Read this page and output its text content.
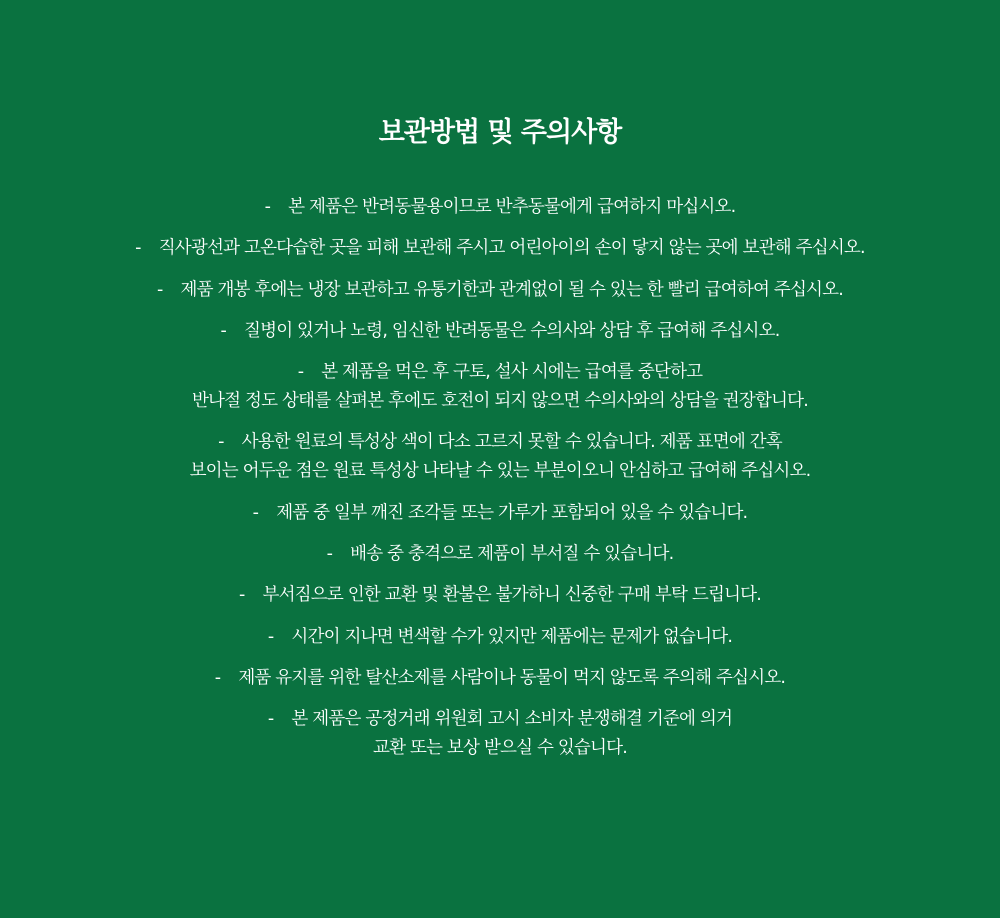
보관방법 및 주의사항
- 본 제품은 반려동물용이므로 반추동물에게 급여하지 마십시오.
- 직사광선과 고온다습한 곳을 피해 보관해 주시고 어린아이의 손이 닿지 않는 곳에 보관해 주십시오.
- 제품 개봉 후에는 냉장 보관하고 유통기한과 관계없이 될 수 있는 한 빨리 급여하여 주십시오.
- 질병이 있거나 노령, 임신한 반려동물은 수의사와 상담 후 급여해 주십시오.
- 본 제품을 먹은 후 구토, 설사 시에는 급여를 중단하고
반나절 정도 상태를 살펴본 후에도 호전이 되지 않으면 수의사와의 상담을 권장합니다.
- 사용한 원료의 특성상 색이 다소 고르지 못할 수 있습니다. 제품 표면에 간혹
보이는 어두운 점은 원료 특성상 나타날 수 있는 부분이오니 안심하고 급여해 주십시오.
- 제품 중 일부 깨진 조각들 또는 가루가 포함되어 있을 수 있습니다.
- 배송 중 충격으로 제품이 부서질 수 있습니다.
- 부서짐으로 인한 교환 및 환불은 불가하니 신중한 구매 부탁 드립니다.
- 시간이 지나면 변색할 수가 있지만 제품에는 문제가 없습니다.
- 제품 유지를 위한 탈산소제를 사람이나 동물이 먹지 않도록 주의해 주십시오.
- 본 제품은 공정거래 위원회 고시 소비자 분쟁해결 기준에 의거
교환 또는 보상 받으실 수 있습니다.
